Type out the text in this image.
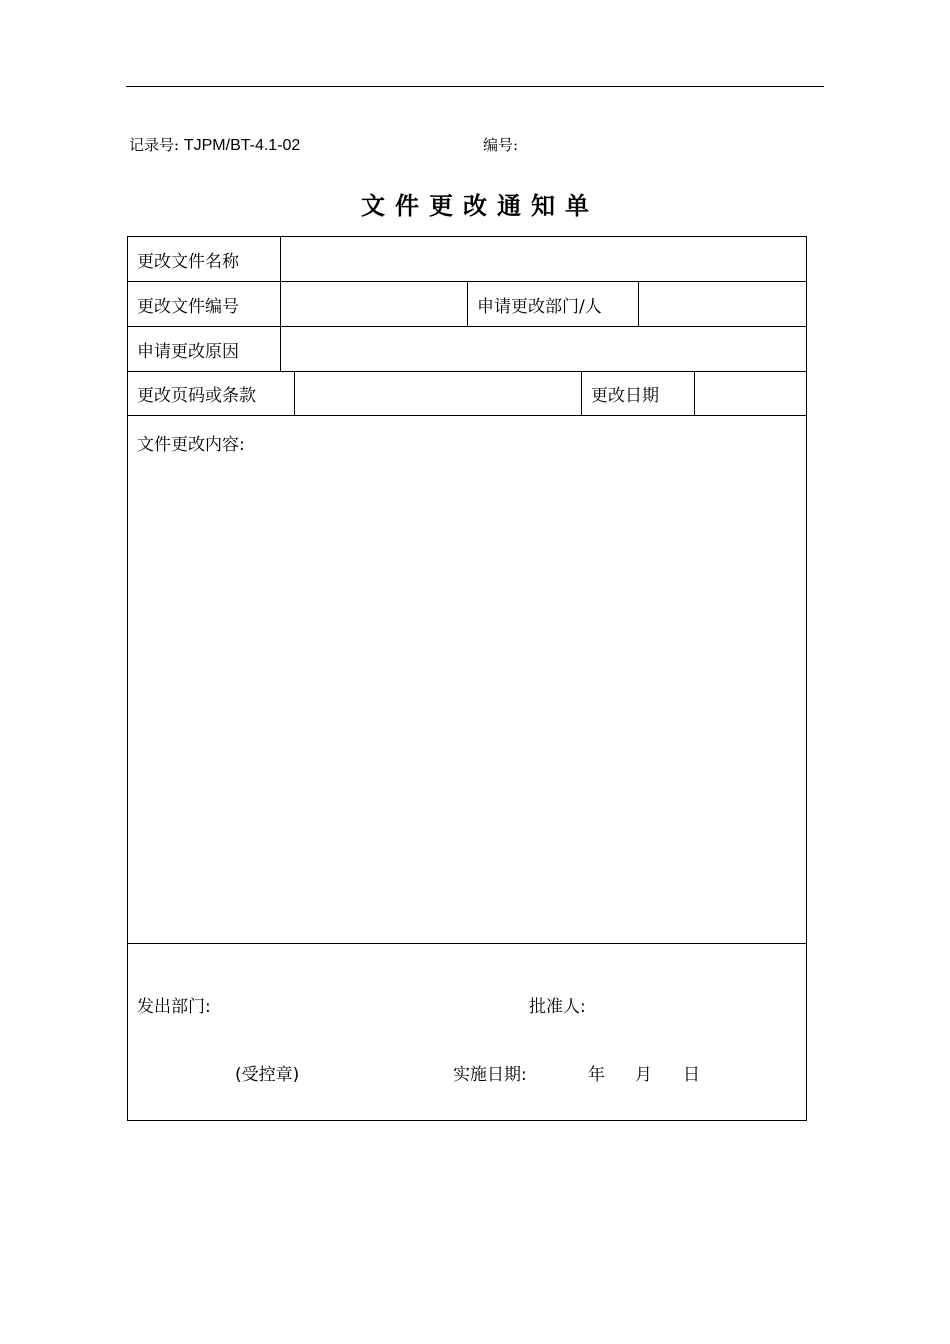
记录号: TJPM/BT-4.1-02	编号:
文件更改通知单
更改文件名称
更改文件编号	申请更改部门/人
申请更改原因
更改页码或条款	更改日期
文件更改内容:
发出部门:	批准人:
(受控章)	实施日期:	年 月 日
